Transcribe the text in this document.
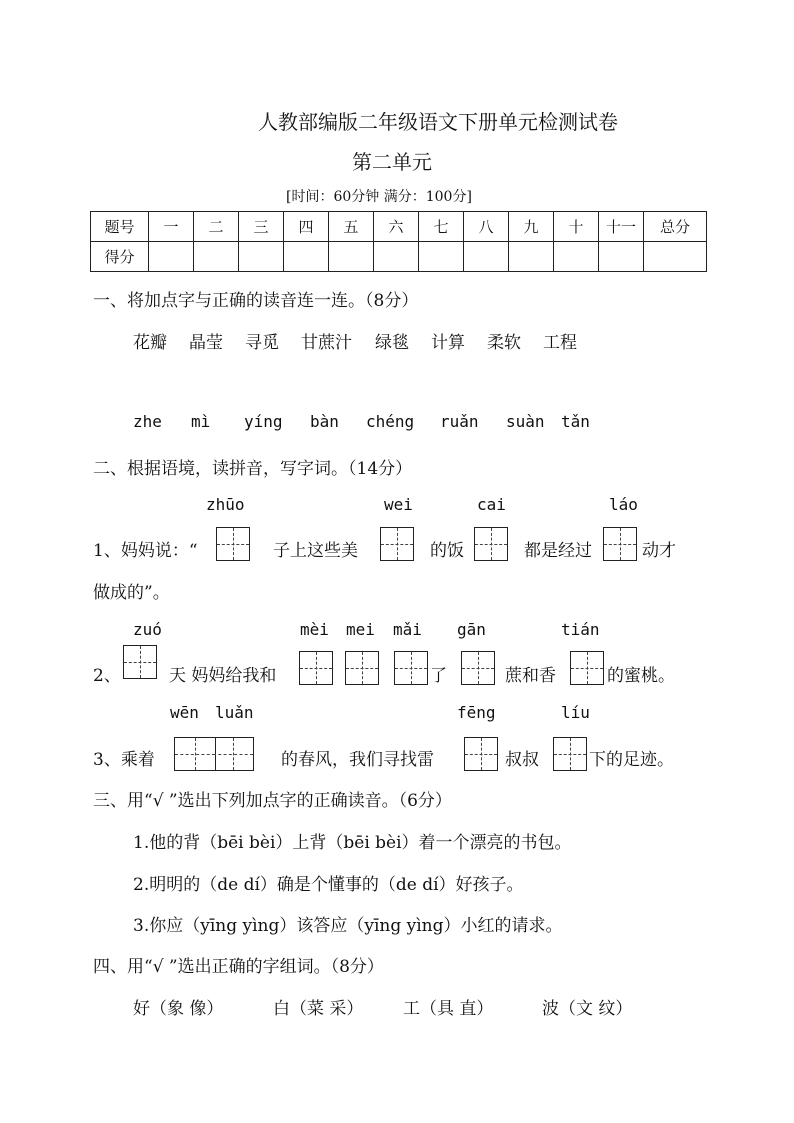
人教部编版二年级语文下册单元检测试卷
第二单元
[时间：60分钟 满分：100分]
题号	一	二	三	四	五	六	七	八	九	十	十一	总分
得分												
一、将加点字与正确的读音连一连。（8分）
花瓣 晶莹 寻觅 甘蔗汁 绿毯 计算 柔软 工程
zhe mì yíng bàn chéng ruǎn suàn tǎn
二、根据语境，读拼音，写字词。（14分）
zhūo	wei	cai	láo
1、妈妈说：“	子上这些美	的饭	都是经过	动才
做成的”。
zuó	mèi mei mǎi gān	tián
2、	天 妈妈给我和	了	蔗和香	的蜜桃。
wēn luǎn	fēng	líu
3、乘着	的春风，我们寻找雷	叔叔	下的足迹。
三、用“√ ”选出下列加点字的正确读音。（6分）
1.他的背（bēi bèi）上背（bēi bèi）着一个漂亮的书包。
2.明明的（de dí）确是个懂事的（de dí）好孩子。
3.你应（yīng yìng）该答应（yīng yìng）小红的请求。
四、用“√ ”选出正确的字组词。（8分）
好（象 像）	白（菜 采） 工（具 直）	波（文 纹）
